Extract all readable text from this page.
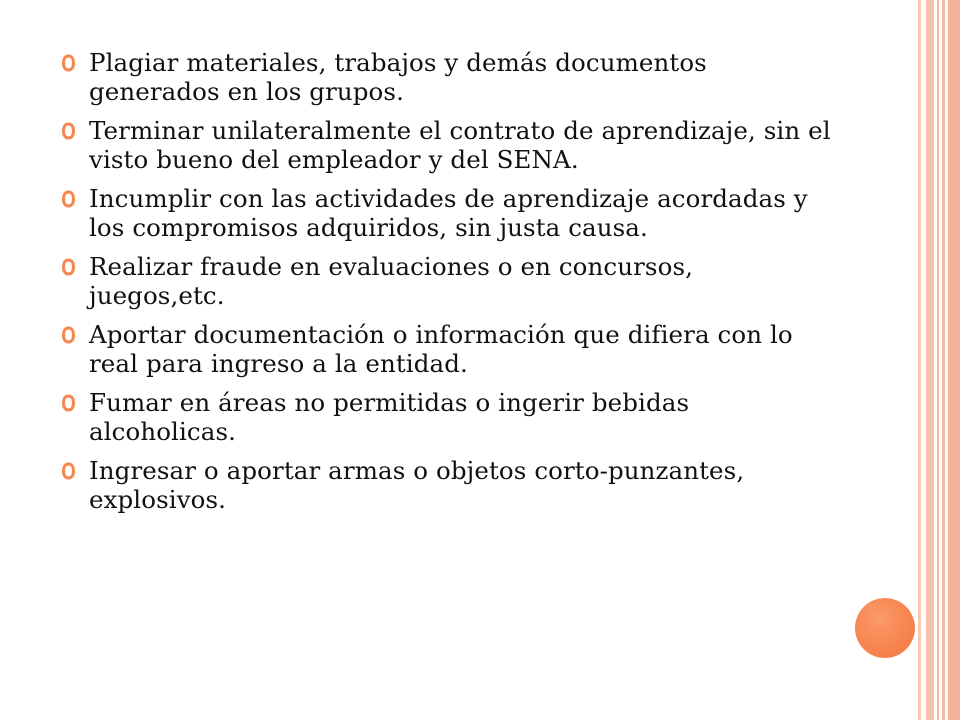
Plagiar materiales, trabajos y demás documentos generados en los grupos.
Terminar unilateralmente el contrato de aprendizaje, sin el visto bueno del empleador y del SENA.
Incumplir con las actividades de aprendizaje acordadas y los compromisos adquiridos, sin justa causa.
Realizar fraude en evaluaciones o en concursos, juegos,etc.
Aportar documentación o información que difiera con lo real para ingreso a la entidad.
Fumar en áreas no permitidas o ingerir bebidas alcoholicas.
Ingresar o aportar armas o objetos corto-punzantes, explosivos.
